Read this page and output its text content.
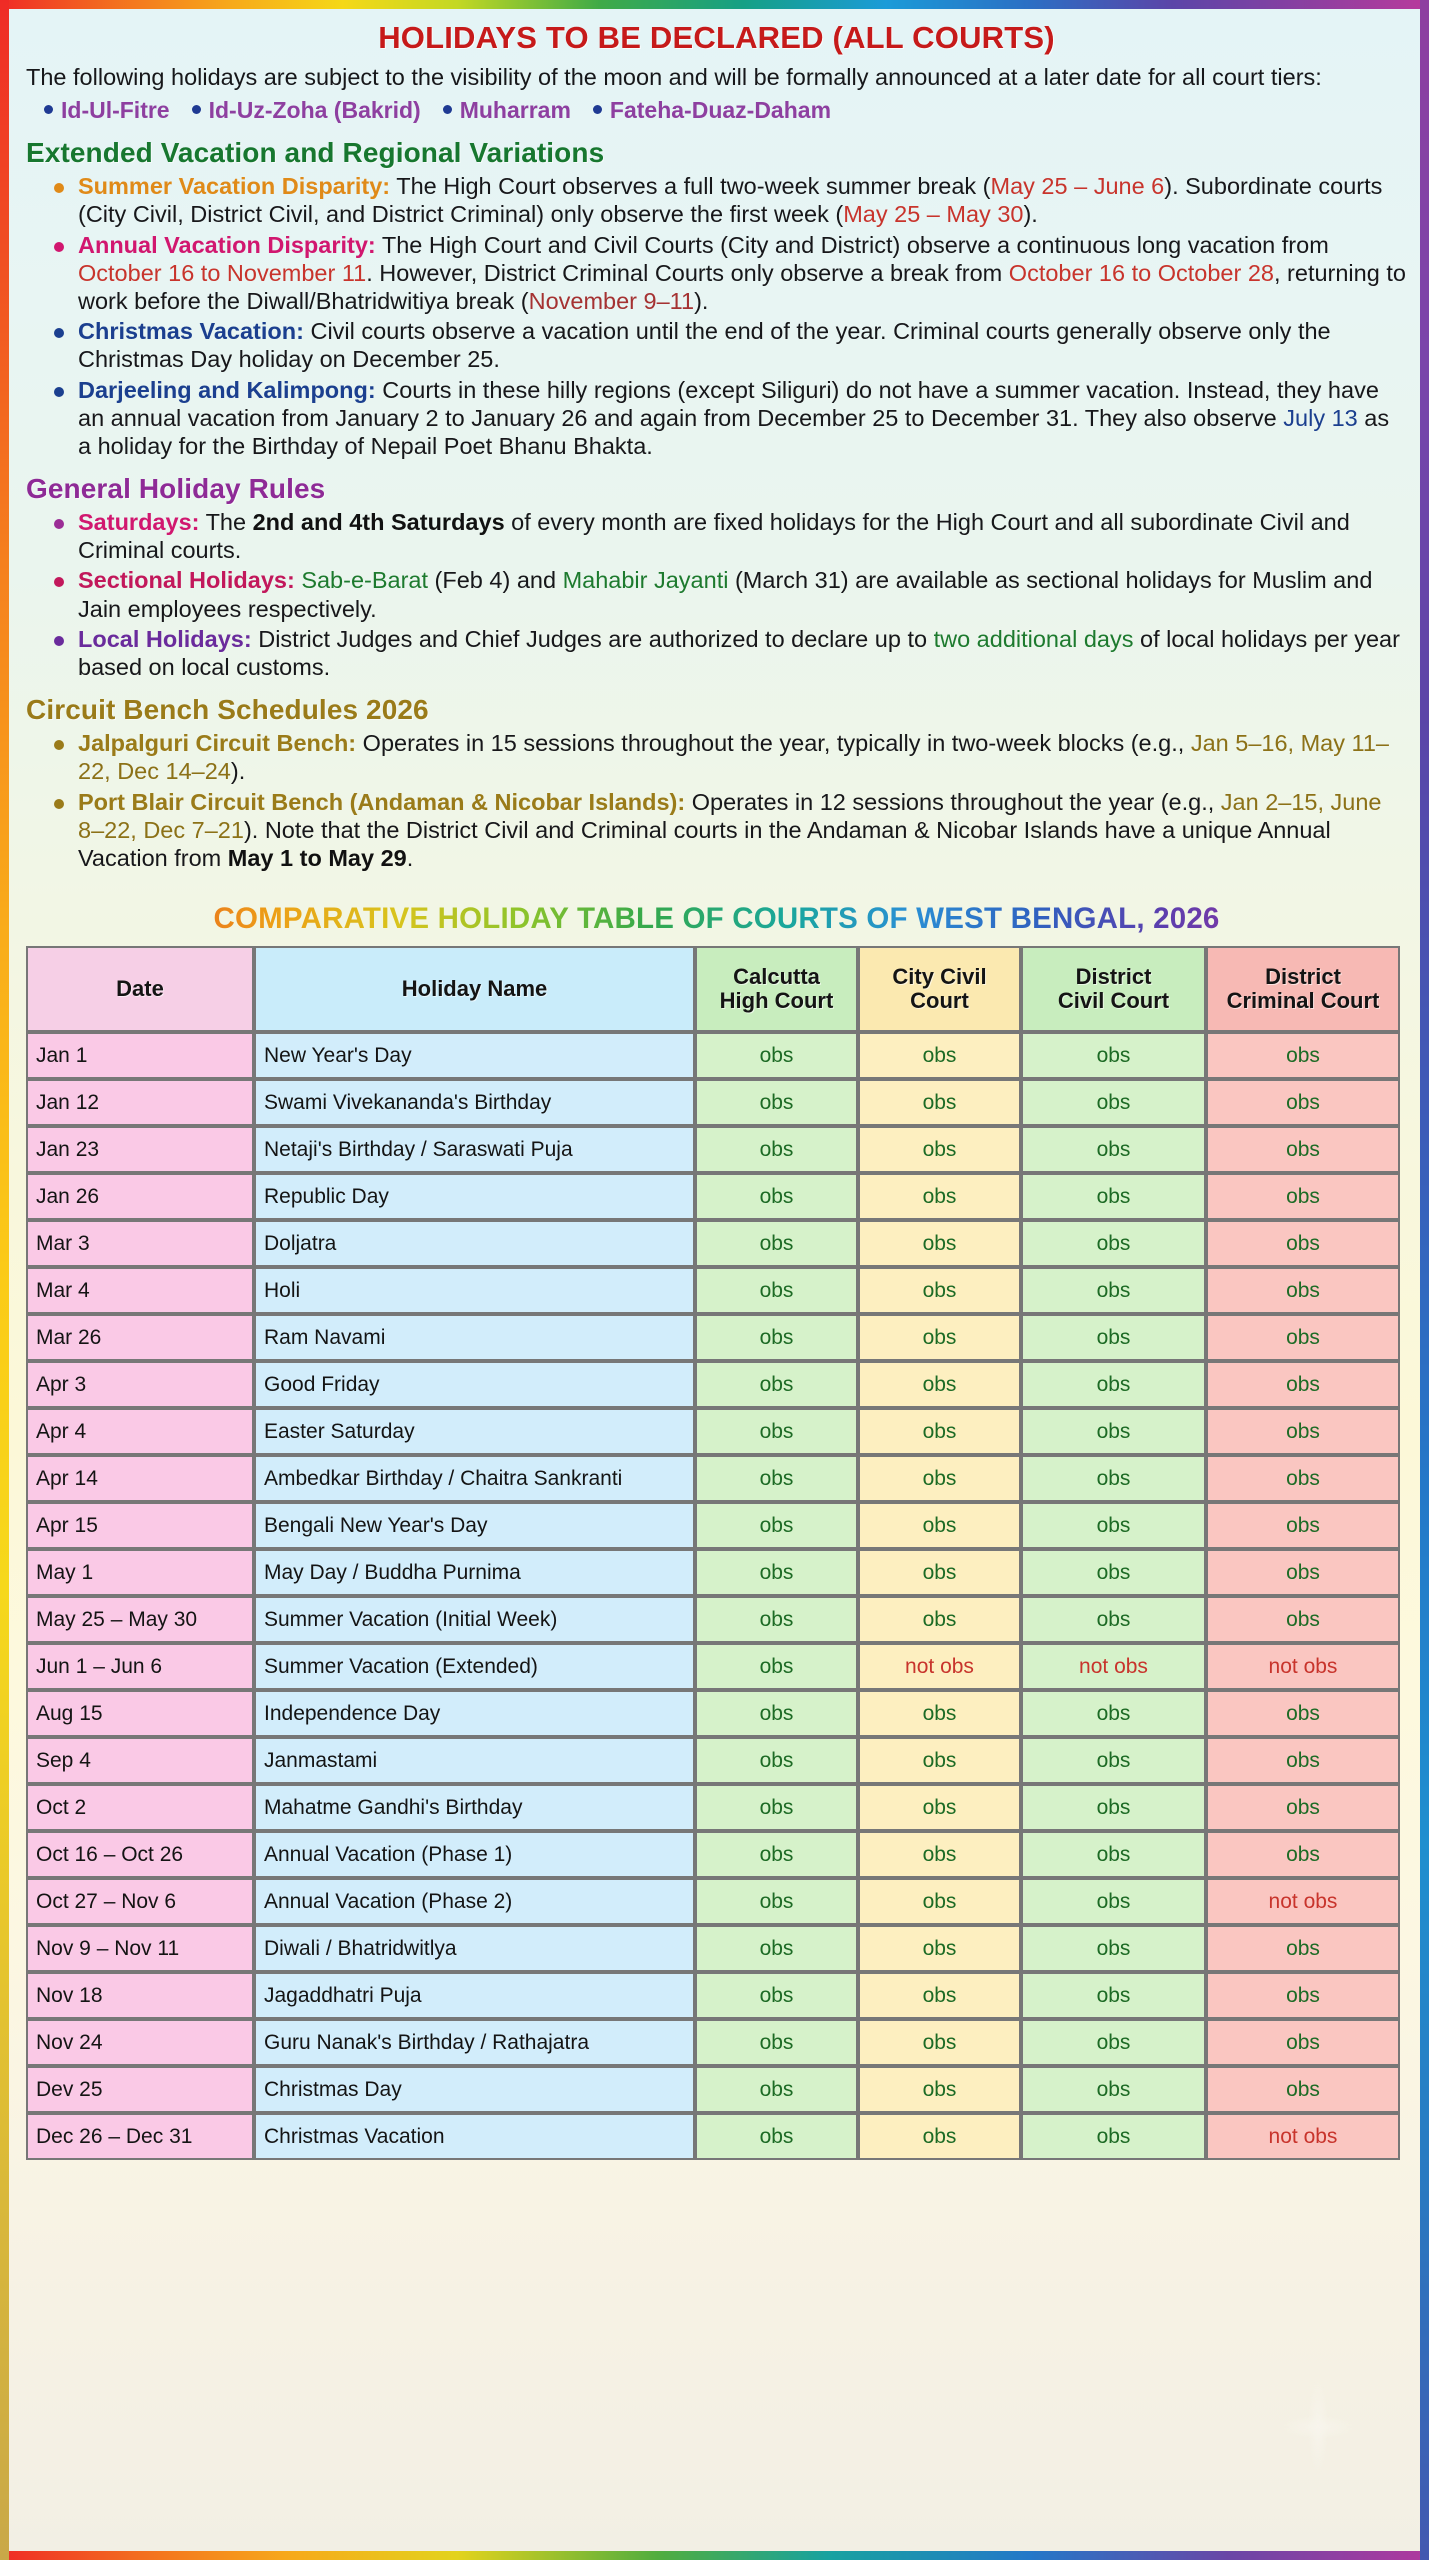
HOLIDAYS TO BE DECLARED (ALL COURTS)
The following holidays are subject to the visibility of the moon and will be formally announced at a later date for all court tiers:
Id-Ul-Fitre Id-Uz-Zoha (Bakrid) Muharram Fateha-Duaz-Daham
Extended Vacation and Regional Variations
Summer Vacation Disparity: The High Court observes a full two-week summer break (May 25 – June 6). Subordinate courts (City Civil, District Civil, and District Criminal) only observe the first week (May 25 – May 30).
Annual Vacation Disparity: The High Court and Civil Courts (City and District) observe a continuous long vacation from October 16 to November 11. However, District Criminal Courts only observe a break from October 16 to October 28, returning to work before the Diwall/Bhatridwitiya break (November 9–11).
Christmas Vacation: Civil courts observe a vacation until the end of the year. Criminal courts generally observe only the Christmas Day holiday on December 25.
Darjeeling and Kalimpong: Courts in these hilly regions (except Siliguri) do not have a summer vacation. Instead, they have an annual vacation from January 2 to January 26 and again from December 25 to December 31. They also observe July 13 as a holiday for the Birthday of Nepail Poet Bhanu Bhakta.
General Holiday Rules
Saturdays: The 2nd and 4th Saturdays of every month are fixed holidays for the High Court and all subordinate Civil and Criminal courts.
Sectional Holidays: Sab-e-Barat (Feb 4) and Mahabir Jayanti (March 31) are available as sectional holidays for Muslim and Jain employees respectively.
Local Holidays: District Judges and Chief Judges are authorized to declare up to two additional days of local holidays per year based on local customs.
Circuit Bench Schedules 2026
Jalpalguri Circuit Bench: Operates in 15 sessions throughout the year, typically in two-week blocks (e.g., Jan 5–16, May 11–22, Dec 14–24).
Port Blair Circuit Bench (Andaman & Nicobar Islands): Operates in 12 sessions throughout the year (e.g., Jan 2–15, June 8–22, Dec 7–21). Note that the District Civil and Criminal courts in the Andaman & Nicobar Islands have a unique Annual Vacation from May 1 to May 29.
COMPARATIVE HOLIDAY TABLE OF COURTS OF WEST BENGAL, 2026
Date	Holiday Name	Calcutta
High Court

City Civil
Court

District
Civil Court

District
Criminal Court

Jan 1	New Year's Day	obs	obs	obs	obs
Jan 12	Swami Vivekananda's Birthday	obs	obs	obs	obs
Jan 23	Netaji's Birthday / Saraswati Puja	obs	obs	obs	obs
Jan 26	Republic Day	obs	obs	obs	obs
Mar 3	Doljatra	obs	obs	obs	obs
Mar 4	Holi	obs	obs	obs	obs
Mar 26	Ram Navami	obs	obs	obs	obs
Apr 3	Good Friday	obs	obs	obs	obs
Apr 4	Easter Saturday	obs	obs	obs	obs
Apr 14	Ambedkar Birthday / Chaitra Sankranti	obs	obs	obs	obs
Apr 15	Bengali New Year's Day	obs	obs	obs	obs
May 1	May Day / Buddha Purnima	obs	obs	obs	obs
May 25 – May 30	Summer Vacation (Initial Week)	obs	obs	obs	obs
Jun 1 – Jun 6	Summer Vacation (Extended)	obs	not obs	not obs	not obs
Aug 15	Independence Day	obs	obs	obs	obs
Sep 4	Janmastami	obs	obs	obs	obs
Oct 2	Mahatme Gandhi's Birthday	obs	obs	obs	obs
Oct 16 – Oct 26	Annual Vacation (Phase 1)	obs	obs	obs	obs
Oct 27 – Nov 6	Annual Vacation (Phase 2)	obs	obs	obs	not obs
Nov 9 – Nov 11	Diwali / Bhatridwitlya	obs	obs	obs	obs
Nov 18	Jagaddhatri Puja	obs	obs	obs	obs
Nov 24	Guru Nanak's Birthday / Rathajatra	obs	obs	obs	obs
Dev 25	Christmas Day	obs	obs	obs	obs
Dec 26 – Dec 31	Christmas Vacation	obs	obs	obs	not obs
